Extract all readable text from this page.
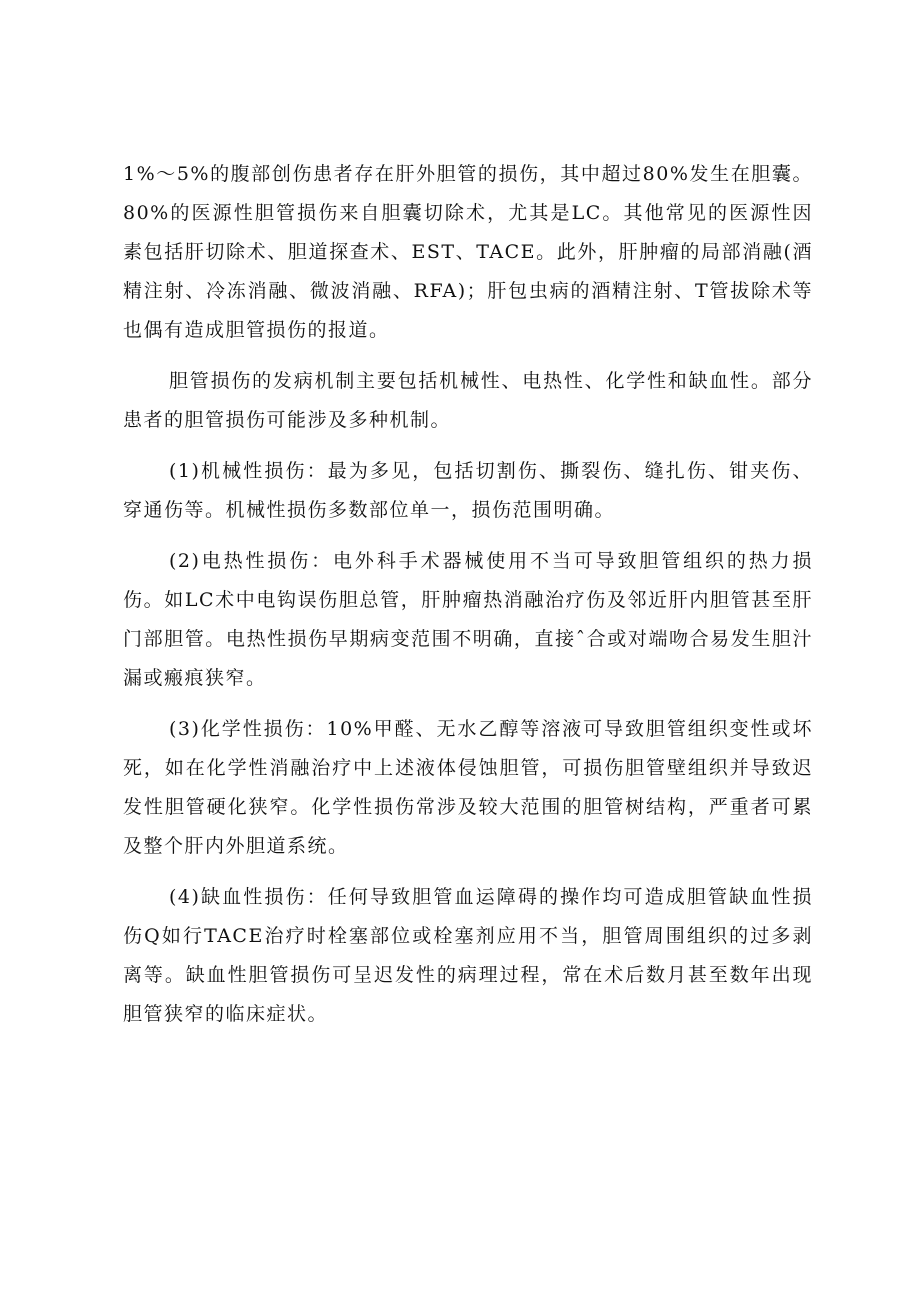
1%～5%的腹部创伤患者存在肝外胆管的损伤，其中超过80%发生在胆囊。80%的医源性胆管损伤来自胆囊切除术，尤其是LC。其他常见的医源性因素包括肝切除术、胆道探查术、EST、TACE。此外，肝肿瘤的局部消融(酒精注射、冷冻消融、微波消融、RFA)；肝包虫病的酒精注射、T管拔除术等也偶有造成胆管损伤的报道。

胆管损伤的发病机制主要包括机械性、电热性、化学性和缺血性。部分患者的胆管损伤可能涉及多种机制。

(1)机械性损伤：最为多见，包括切割伤、撕裂伤、缝扎伤、钳夹伤、穿通伤等。机械性损伤多数部位单一，损伤范围明确。

(2)电热性损伤：电外科手术器械使用不当可导致胆管组织的热力损伤。如LC术中电钩误伤胆总管，肝肿瘤热消融治疗伤及邻近肝内胆管甚至肝门部胆管。电热性损伤早期病变范围不明确，直接ˆ合或对端吻合易发生胆汁漏或瘢痕狭窄。

(3)化学性损伤：10%甲醛、无水乙醇等溶液可导致胆管组织变性或坏死，如在化学性消融治疗中上述液体侵蚀胆管，可损伤胆管壁组织并导致迟发性胆管硬化狭窄。化学性损伤常涉及较大范围的胆管树结构，严重者可累及整个肝内外胆道系统。

(4)缺血性损伤：任何导致胆管血运障碍的操作均可造成胆管缺血性损伤Q如行TACE治疗时栓塞部位或栓塞剂应用不当，胆管周围组织的过多剥离等。缺血性胆管损伤可呈迟发性的病理过程，常在术后数月甚至数年出现胆管狭窄的临床症状。
